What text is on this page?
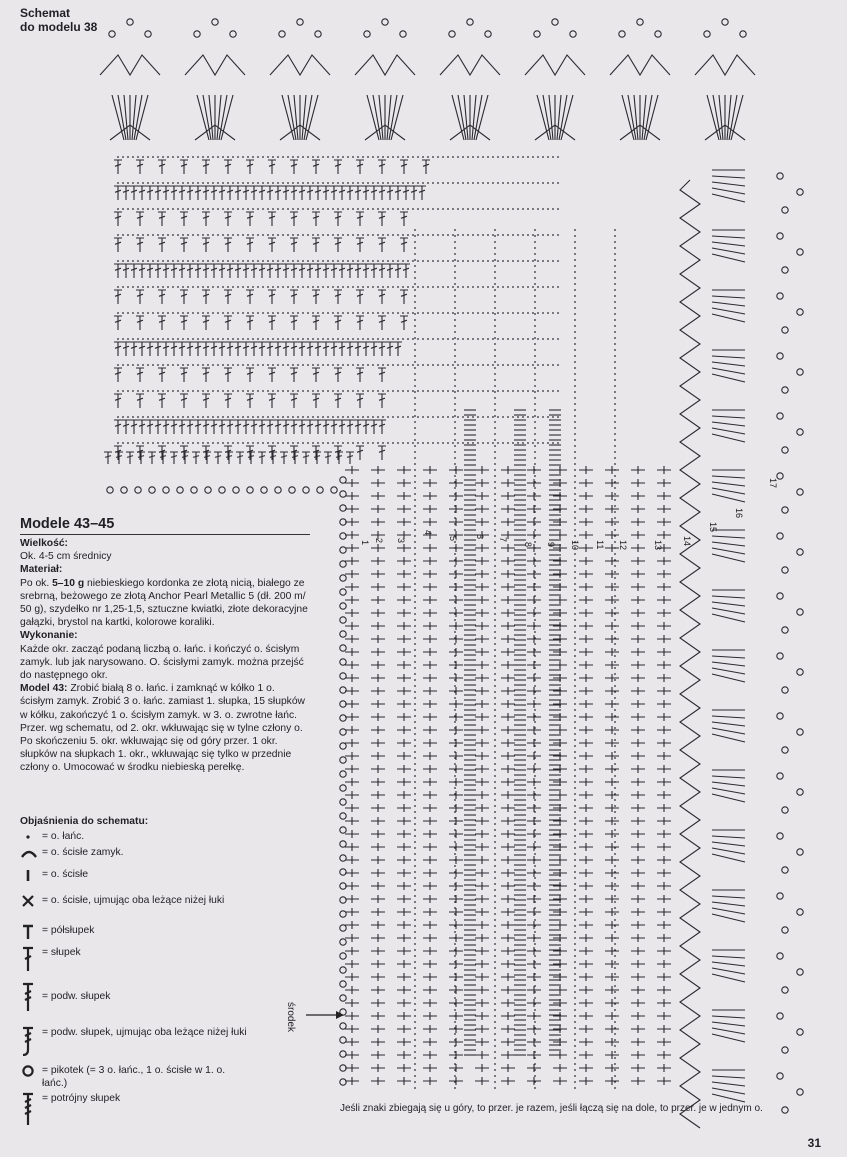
1 2 3
4
5 6
7
8 9 10 11 12	13 14
15
16
17
Schemat
do modelu 38
Modele 43–45
Wielkość:
Ok. 4-5 cm średnicy
Materiał:

Po ok. 5–10 g niebieskiego kordonka ze złotą nicią, białego ze srebrną, beżowego ze złotą Anchor Pearl Metallic 5 (dł. 200 m/ 50 g), szydełko nr 1,25-1,5, sztuczne kwiatki, złote dekoracyjne gałązki, brystol na kartki, kolorowe koraliki.

Wykonanie:

Każde okr. zacząć podaną liczbą o. łańc. i kończyć o. ścisłym zamyk. lub jak narysowano. O. ścisłymi zamyk. można przejść do następnego okr.

Model 43: Zrobić białą 8 o. łańc. i zamknąć w kółko 1 o. ścisłym zamyk. Zrobić 3 o. łańc. zamiast 1. słupka, 15 słupków w kółku, zakończyć 1 o. ścisłym zamyk. w 3. o. zwrotne łańc. Przer. wg schematu, od 2. okr. wkłuwając się w tylne człony o. Po skończeniu 5. okr. wkłuwając się od góry przer. 1 okr. słupków na słupkach 1. okr., wkłuwając się tylko w przednie człony o. Umocować w środku niebieską perełkę.

Objaśnienia do schematu:
= o. łańc.
= o. ścisłe zamyk.
= o. ścisłe
= o. ścisłe, ujmując oba leżące niżej łuki
= półsłupek
= słupek
= podw. słupek
= podw. słupek, ujmując oba leżące niżej łuki
= pikotek (= 3 o. łańc., 1 o. ścisłe w 1. o. łańc.)
= potrójny słupek
środek
Jeśli znaki zbiegają się u góry, to przer. je razem, jeśli łączą się na dole, to przer. je w jednym o.
31
